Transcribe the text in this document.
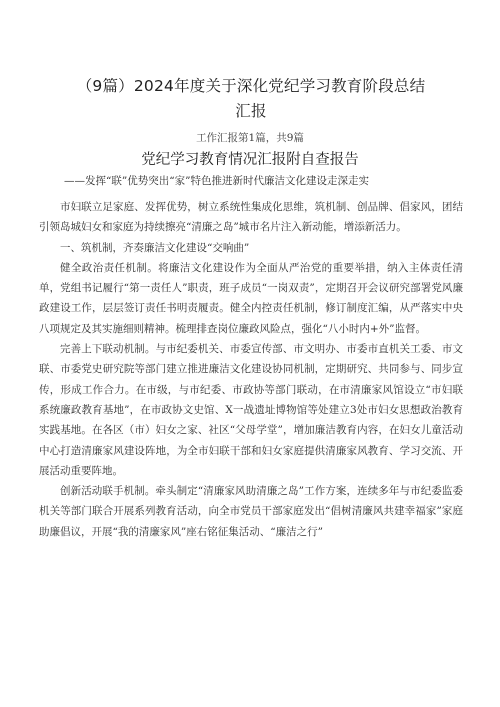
（9篇）2024年度关于深化党纪学习教育阶段总结汇报
工作汇报第1篇，共9篇
党纪学习教育情况汇报附自查报告
——发挥“联”优势突出“家”特色推进新时代廉洁文化建设走深走实

市妇联立足家庭、发挥优势，树立系统性集成化思维，筑机制、创品牌、倡家风，团结引领岛城妇女和家庭为持续擦亮“清廉之岛”城市名片注入新动能，增添新活力。

一、筑机制，齐奏廉洁文化建设“交响曲”

健全政治责任机制。将廉洁文化建设作为全面从严治党的重要举措，纳入主体责任清单，党组书记履行“第一责任人”职责，班子成员“一岗双责”，定期召开会议研究部署党风廉政建设工作，层层签订责任书明责履责。健全内控责任机制，修订制度汇编，从严落实中央八项规定及其实施细则精神。梳理排查岗位廉政风险点，强化“八小时内+外”监督。

完善上下联动机制。与市纪委机关、市委宣传部、市文明办、市委市直机关工委、市文联、市委党史研究院等部门建立推进廉洁文化建设协同机制，定期研究、共同参与、同步宣传，形成工作合力。在市级，与市纪委、市政协等部门联动，在市清廉家风馆设立“市妇联系统廉政教育基地”，在市政协文史馆、X一战遗址博物馆等处建立3处市妇女思想政治教育实践基地。在各区（市）妇女之家、社区“父母学堂”，增加廉洁教育内容，在妇女儿童活动中心打造清廉家风建设阵地，为全市妇联干部和妇女家庭提供清廉家风教育、学习交流、开展活动重要阵地。

创新活动联手机制。牵头制定“清廉家风助清廉之岛”工作方案，连续多年与市纪委监委机关等部门联合开展系列教育活动，向全市党员干部家庭发出“倡树清廉风共建幸福家”家庭助廉倡议，开展“我的清廉家风”座右铭征集活动、“廉洁之行”
